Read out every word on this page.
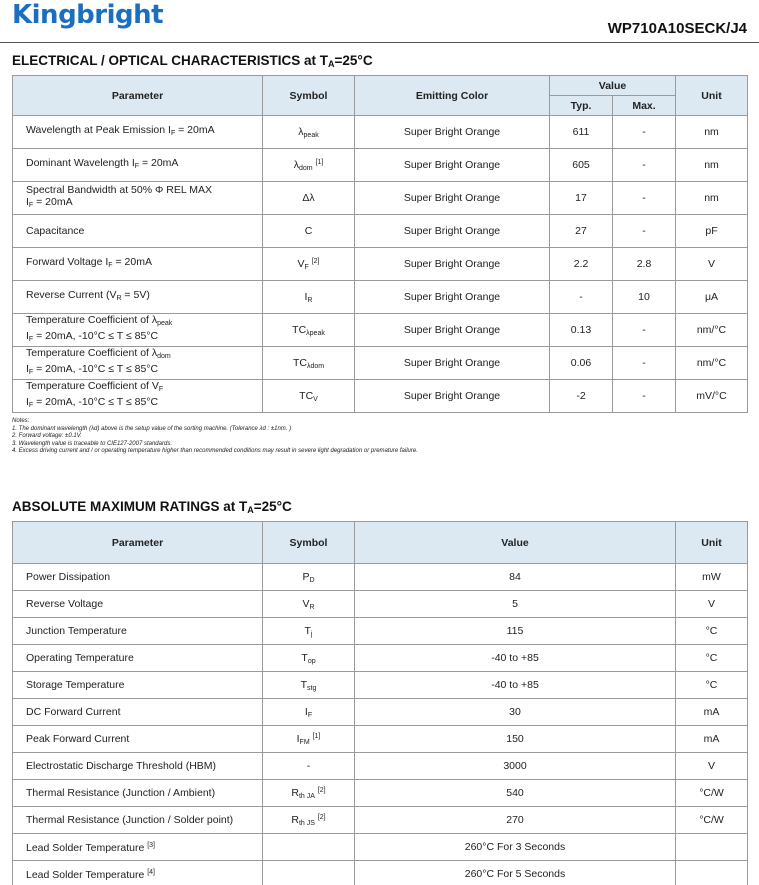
Kingbright	WP710A10SECK/J4
ELECTRICAL / OPTICAL CHARACTERISTICS at $T_A=25^\circ C$
Parameter	Symbol	Emitting Color	Value		Unit
			Typ.	Max.	

Wavelength at Peak Emission $I_F = 20mA$	$\lambda_{peak}$	Super Bright Orange	611	-	nm

Dominant Wavelength $I_F = 20mA$	$\lambda_{dom}$ [1]	Super Bright Orange	605	-	nm

Spectral Bandwidth at 50% Φ REL MAX
$I_F = 20mA$	Δλ	Super Bright Orange	17	-	nm

Capacitance	C	Super Bright Orange	27	-	pF

Forward Voltage $I_F = 20mA$	$V_F$ [2]	Super Bright Orange	2.2	2.8	V

Reverse Current $(V_R = 5V)$	$I_R$	Super Bright Orange	-	10	μA

Temperature Coefficient of $\lambda_{peak}$
$I_F = 20mA$, -10°C ≤ T ≤ 85°C	$TC_{\lambda peak}$	Super Bright Orange	0.13	-	nm/°C

Temperature Coefficient of $\lambda_{dom}$
$I_F = 20mA$, -10°C ≤ T ≤ 85°C	$TC_{\lambda dom}$	Super Bright Orange	0.06	-	nm/°C

Temperature Coefficient of $V_F$
$I_F = 20mA$, -10°C ≤ T ≤ 85°C	$TC_V$	Super Bright Orange	-2	-	mV/°C
Notes:
1. The dominant wavelength (λd) above is the setup value of the sorting machine. (Tolerance λd : ±1nm. )
2. Forward voltage: ±0.1V.
3. Wavelength value is traceable to CIE127-2007 standards.
4. Excess driving current and / or operating temperature higher than recommended conditions may result in severe light degradation or premature failure.
ABSOLUTE MAXIMUM RATINGS at $T_A=25^\circ C$
Parameter	Symbol	Value	Unit
Power Dissipation	$P_D$	84	mW
Reverse Voltage	$V_R$	5	V
Junction Temperature	$T_j$	115	°C
Operating Temperature	$T_{op}$	-40 to +85	°C
Storage Temperature	$T_{stg}$	-40 to +85	°C
DC Forward Current	$I_F$	30	mA
Peak Forward Current	$I_{FM}$ [1]	150	mA
Electrostatic Discharge Threshold (HBM)	-	3000	V
Thermal Resistance (Junction / Ambient)	$R_{th JA}$ [2]	540	°C/W
Thermal Resistance (Junction / Solder point)	$R_{th JS}$ [2]	270	°C/W
Lead Solder Temperature [3]		260°C For 3 Seconds	
Lead Solder Temperature [4]		260°C For 5 Seconds	
